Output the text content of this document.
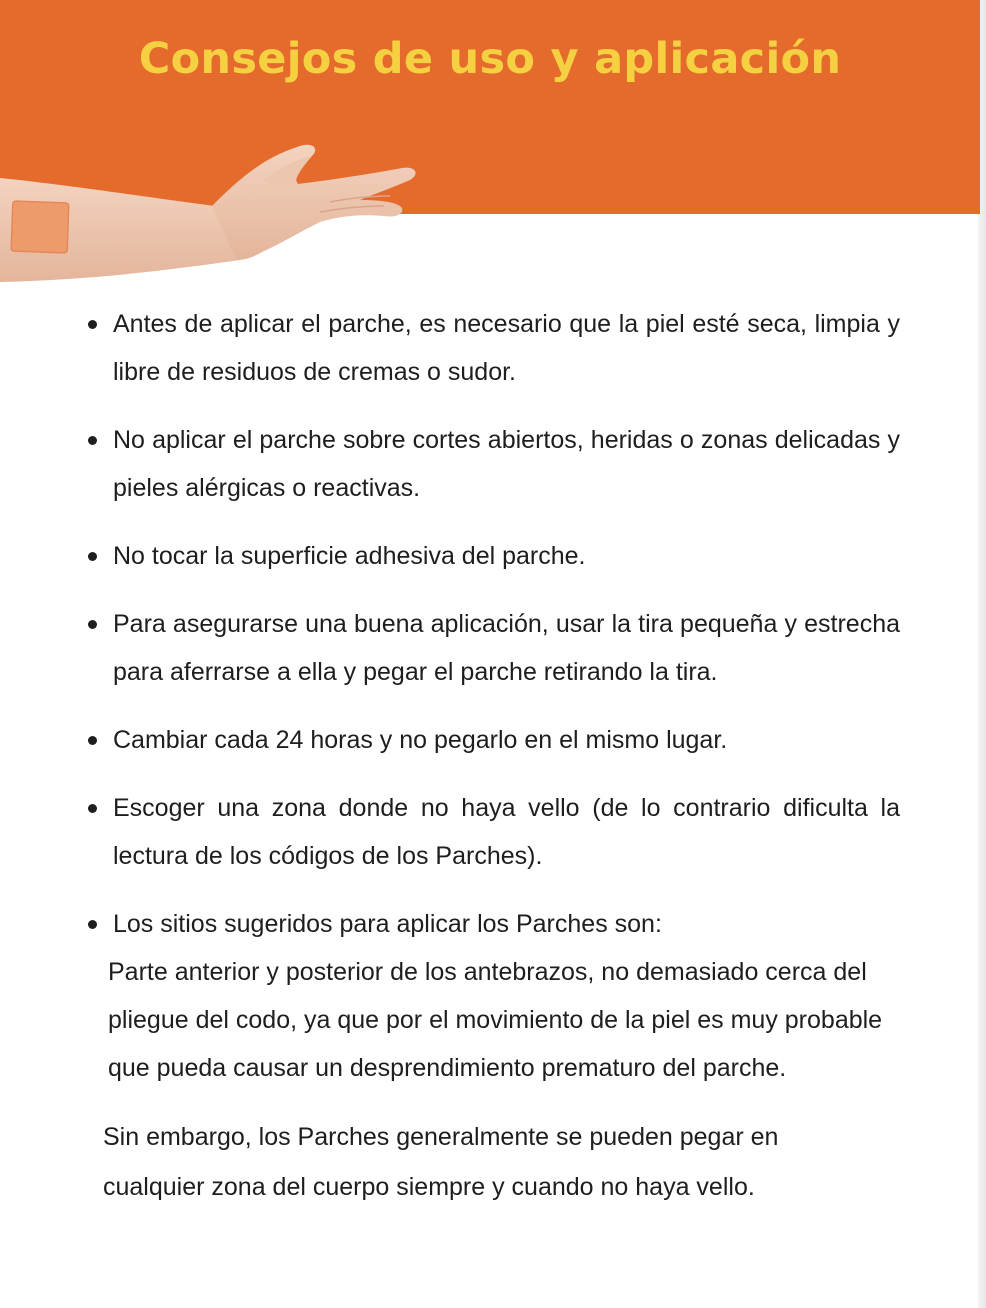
Consejos de uso y aplicación
Antes de aplicar el parche, es necesario que la piel esté seca, limpia y libre de residuos de cremas o sudor.
No aplicar el parche sobre cortes abiertos, heridas o zonas delicadas y pieles alérgicas o reactivas.
No tocar la superficie adhesiva del parche.
Para asegurarse una buena aplicación, usar la tira pequeña y estrecha para aferrarse a ella y pegar el parche retirando la tira.
Cambiar cada 24 horas y no pegarlo en el mismo lugar.
Escoger una zona donde no haya vello (de lo contrario dificulta la lectura de los códigos de los Parches).
Los sitios sugeridos para aplicar los Parches son:
Parte anterior y posterior de los antebrazos, no demasiado cerca del pliegue del codo, ya que por el movimiento de la piel es muy probable que pueda causar un desprendimiento prematuro del parche.

Sin embargo, los Parches generalmente se pueden pegar en cualquier zona del cuerpo siempre y cuando no haya vello.
